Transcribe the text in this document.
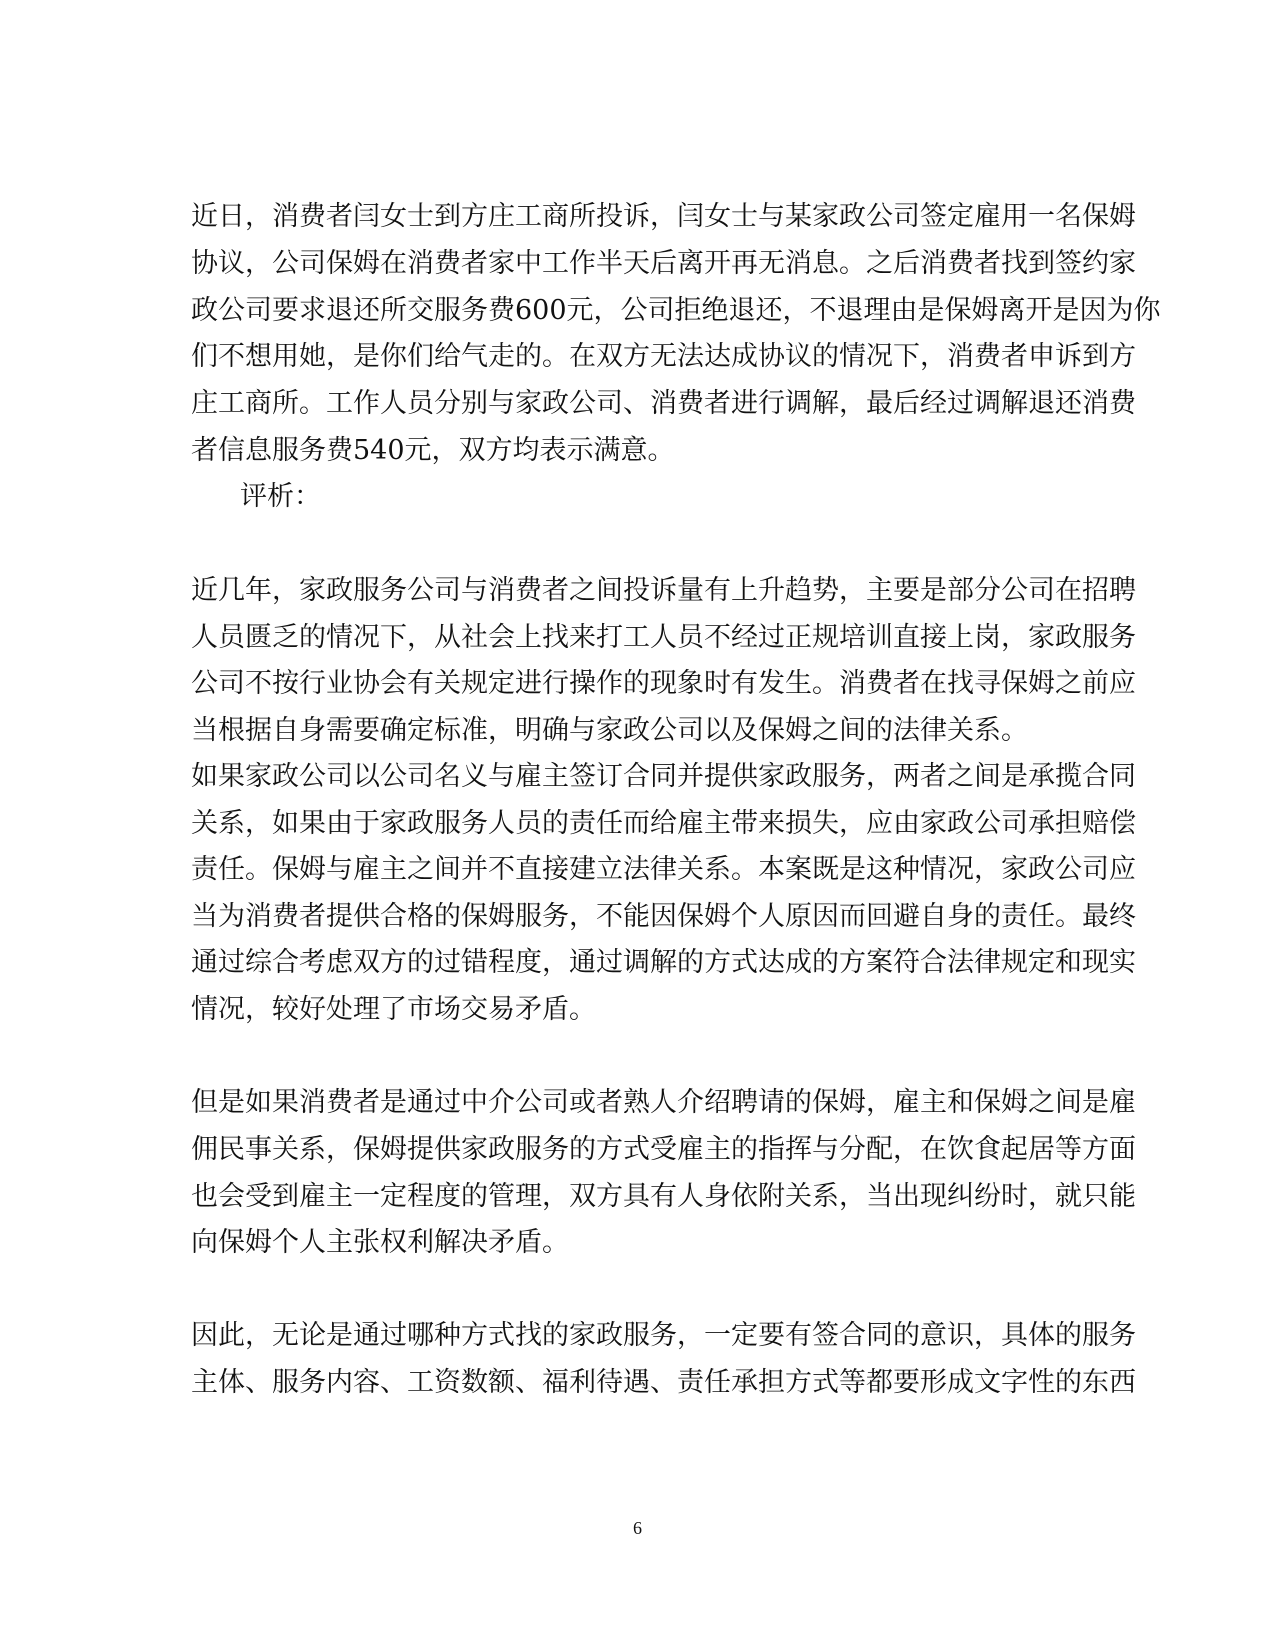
近日，消费者闫女士到方庄工商所投诉，闫女士与某家政公司签定雇用一名保姆
协议，公司保姆在消费者家中工作半天后离开再无消息。之后消费者找到签约家
政公司要求退还所交服务费600元，公司拒绝退还，不退理由是保姆离开是因为你
们不想用她，是你们给气走的。在双方无法达成协议的情况下，消费者申诉到方
庄工商所。工作人员分别与家政公司、消费者进行调解，最后经过调解退还消费
者信息服务费540元，双方均表示满意。
评析：
近几年，家政服务公司与消费者之间投诉量有上升趋势，主要是部分公司在招聘
人员匮乏的情况下，从社会上找来打工人员不经过正规培训直接上岗，家政服务
公司不按行业协会有关规定进行操作的现象时有发生。消费者在找寻保姆之前应
当根据自身需要确定标准，明确与家政公司以及保姆之间的法律关系。
如果家政公司以公司名义与雇主签订合同并提供家政服务，两者之间是承揽合同
关系，如果由于家政服务人员的责任而给雇主带来损失，应由家政公司承担赔偿
责任。保姆与雇主之间并不直接建立法律关系。本案既是这种情况，家政公司应
当为消费者提供合格的保姆服务，不能因保姆个人原因而回避自身的责任。最终
通过综合考虑双方的过错程度，通过调解的方式达成的方案符合法律规定和现实
情况，较好处理了市场交易矛盾。
但是如果消费者是通过中介公司或者熟人介绍聘请的保姆，雇主和保姆之间是雇
佣民事关系，保姆提供家政服务的方式受雇主的指挥与分配，在饮食起居等方面
也会受到雇主一定程度的管理，双方具有人身依附关系，当出现纠纷时，就只能
向保姆个人主张权利解决矛盾。
因此，无论是通过哪种方式找的家政服务，一定要有签合同的意识，具体的服务
主体、服务内容、工资数额、福利待遇、责任承担方式等都要形成文字性的东西
6
